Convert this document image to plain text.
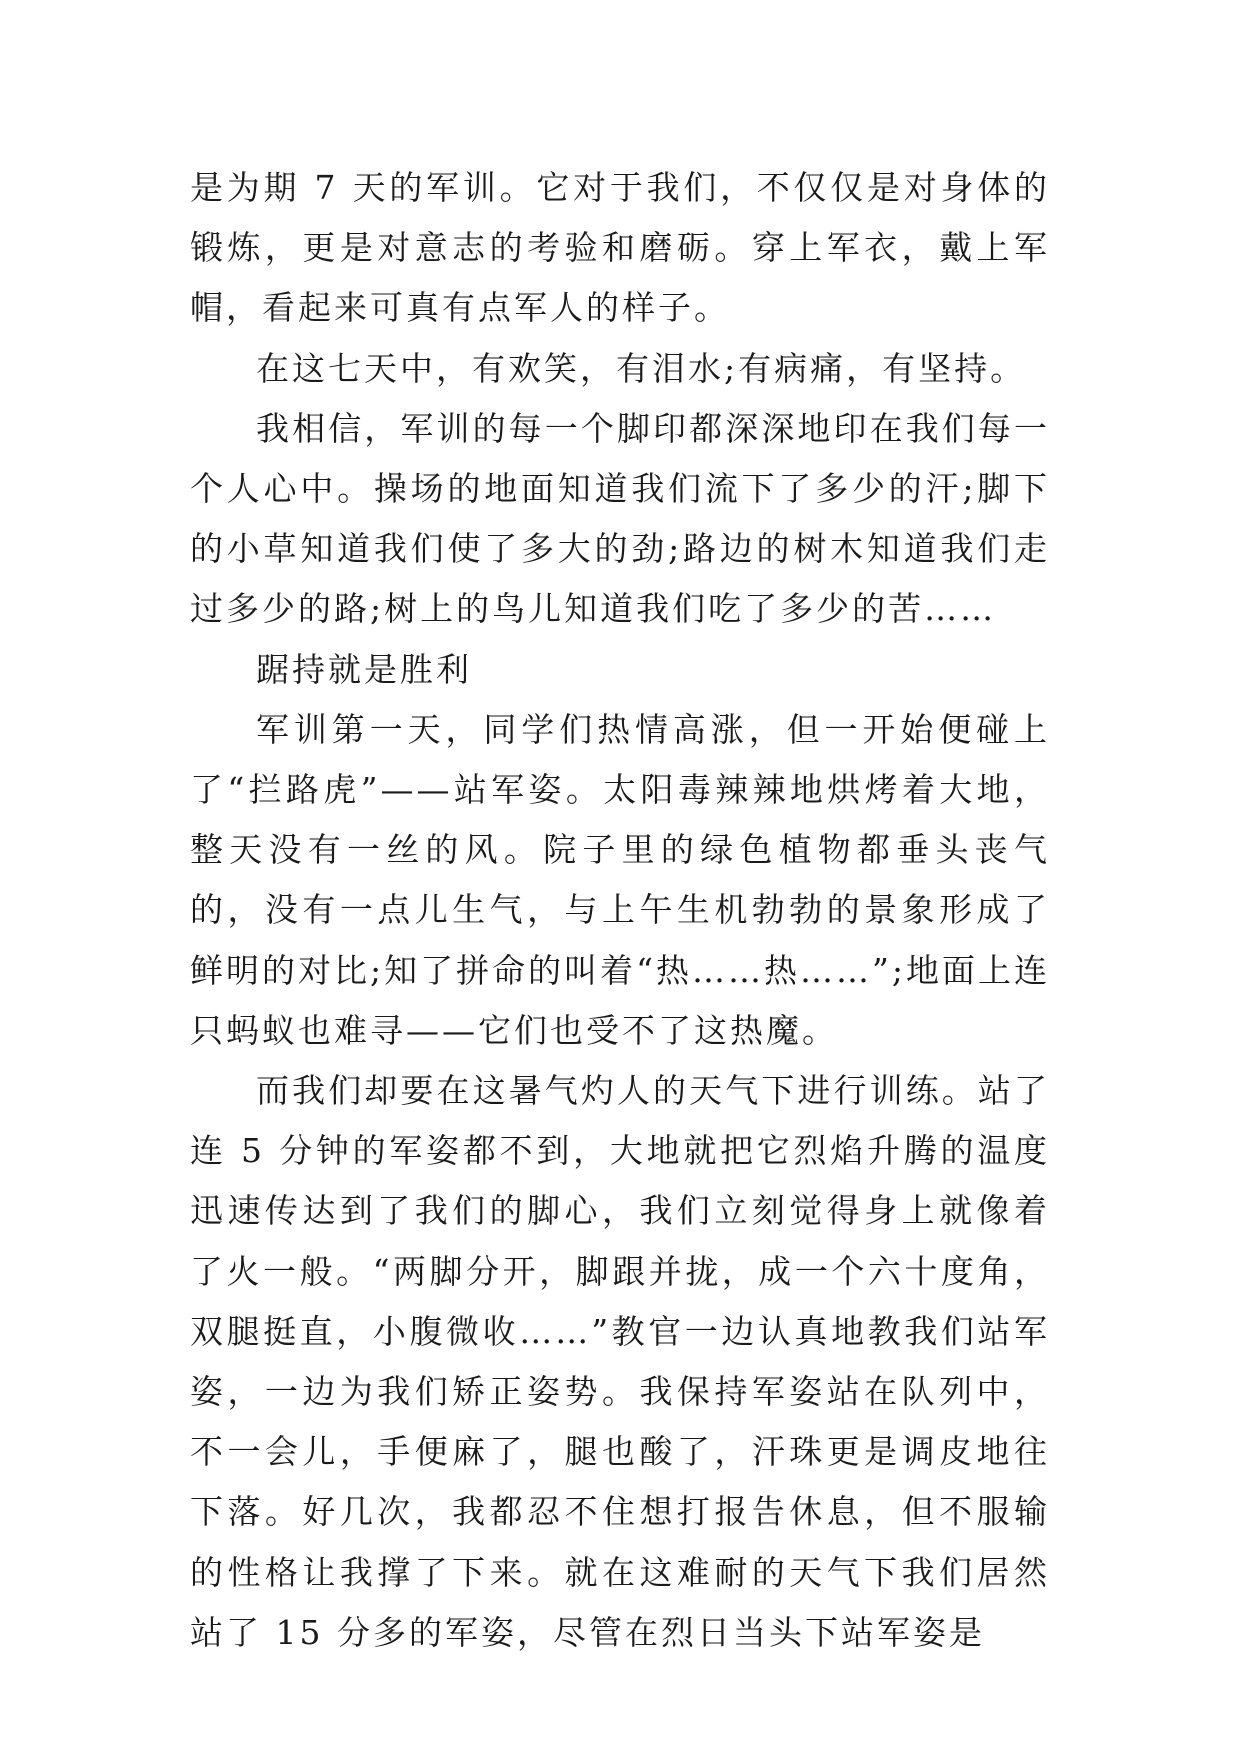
是为期 7 天的军训。它对于我们，不仅仅是对身体的锻炼，更是对意志的考验和磨砺。穿上军衣，戴上军帽，看起来可真有点军人的样子。

在这七天中，有欢笑，有泪水;有病痛，有坚持。

我相信，军训的每一个脚印都深深地印在我们每一个人心中。操场的地面知道我们流下了多少的汗;脚下的小草知道我们使了多大的劲;路边的树木知道我们走过多少的路;树上的鸟儿知道我们吃了多少的苦……

踞持就是胜利

军训第一天，同学们热情高涨，但一开始便碰上了“拦路虎”——站军姿。太阳毒辣辣地烘烤着大地，整天没有一丝的风。院子里的绿色植物都垂头丧气的，没有一点儿生气，与上午生机勃勃的景象形成了鲜明的对比;知了拼命的叫着“热……热……”;地面上连只蚂蚁也难寻——它们也受不了这热魔。

而我们却要在这暑气灼人的天气下进行训练。站了连 5 分钟的军姿都不到，大地就把它烈焰升腾的温度迅速传达到了我们的脚心，我们立刻觉得身上就像着了火一般。“两脚分开，脚跟并拢，成一个六十度角，双腿挺直，小腹微收……”教官一边认真地教我们站军姿，一边为我们矫正姿势。我保持军姿站在队列中，不一会儿，手便麻了，腿也酸了，汗珠更是调皮地往下落。好几次，我都忍不住想打报告休息，但不服输的性格让我撑了下来。就在这难耐的天气下我们居然站了 15 分多的军姿，尽管在烈日当头下站军姿是
